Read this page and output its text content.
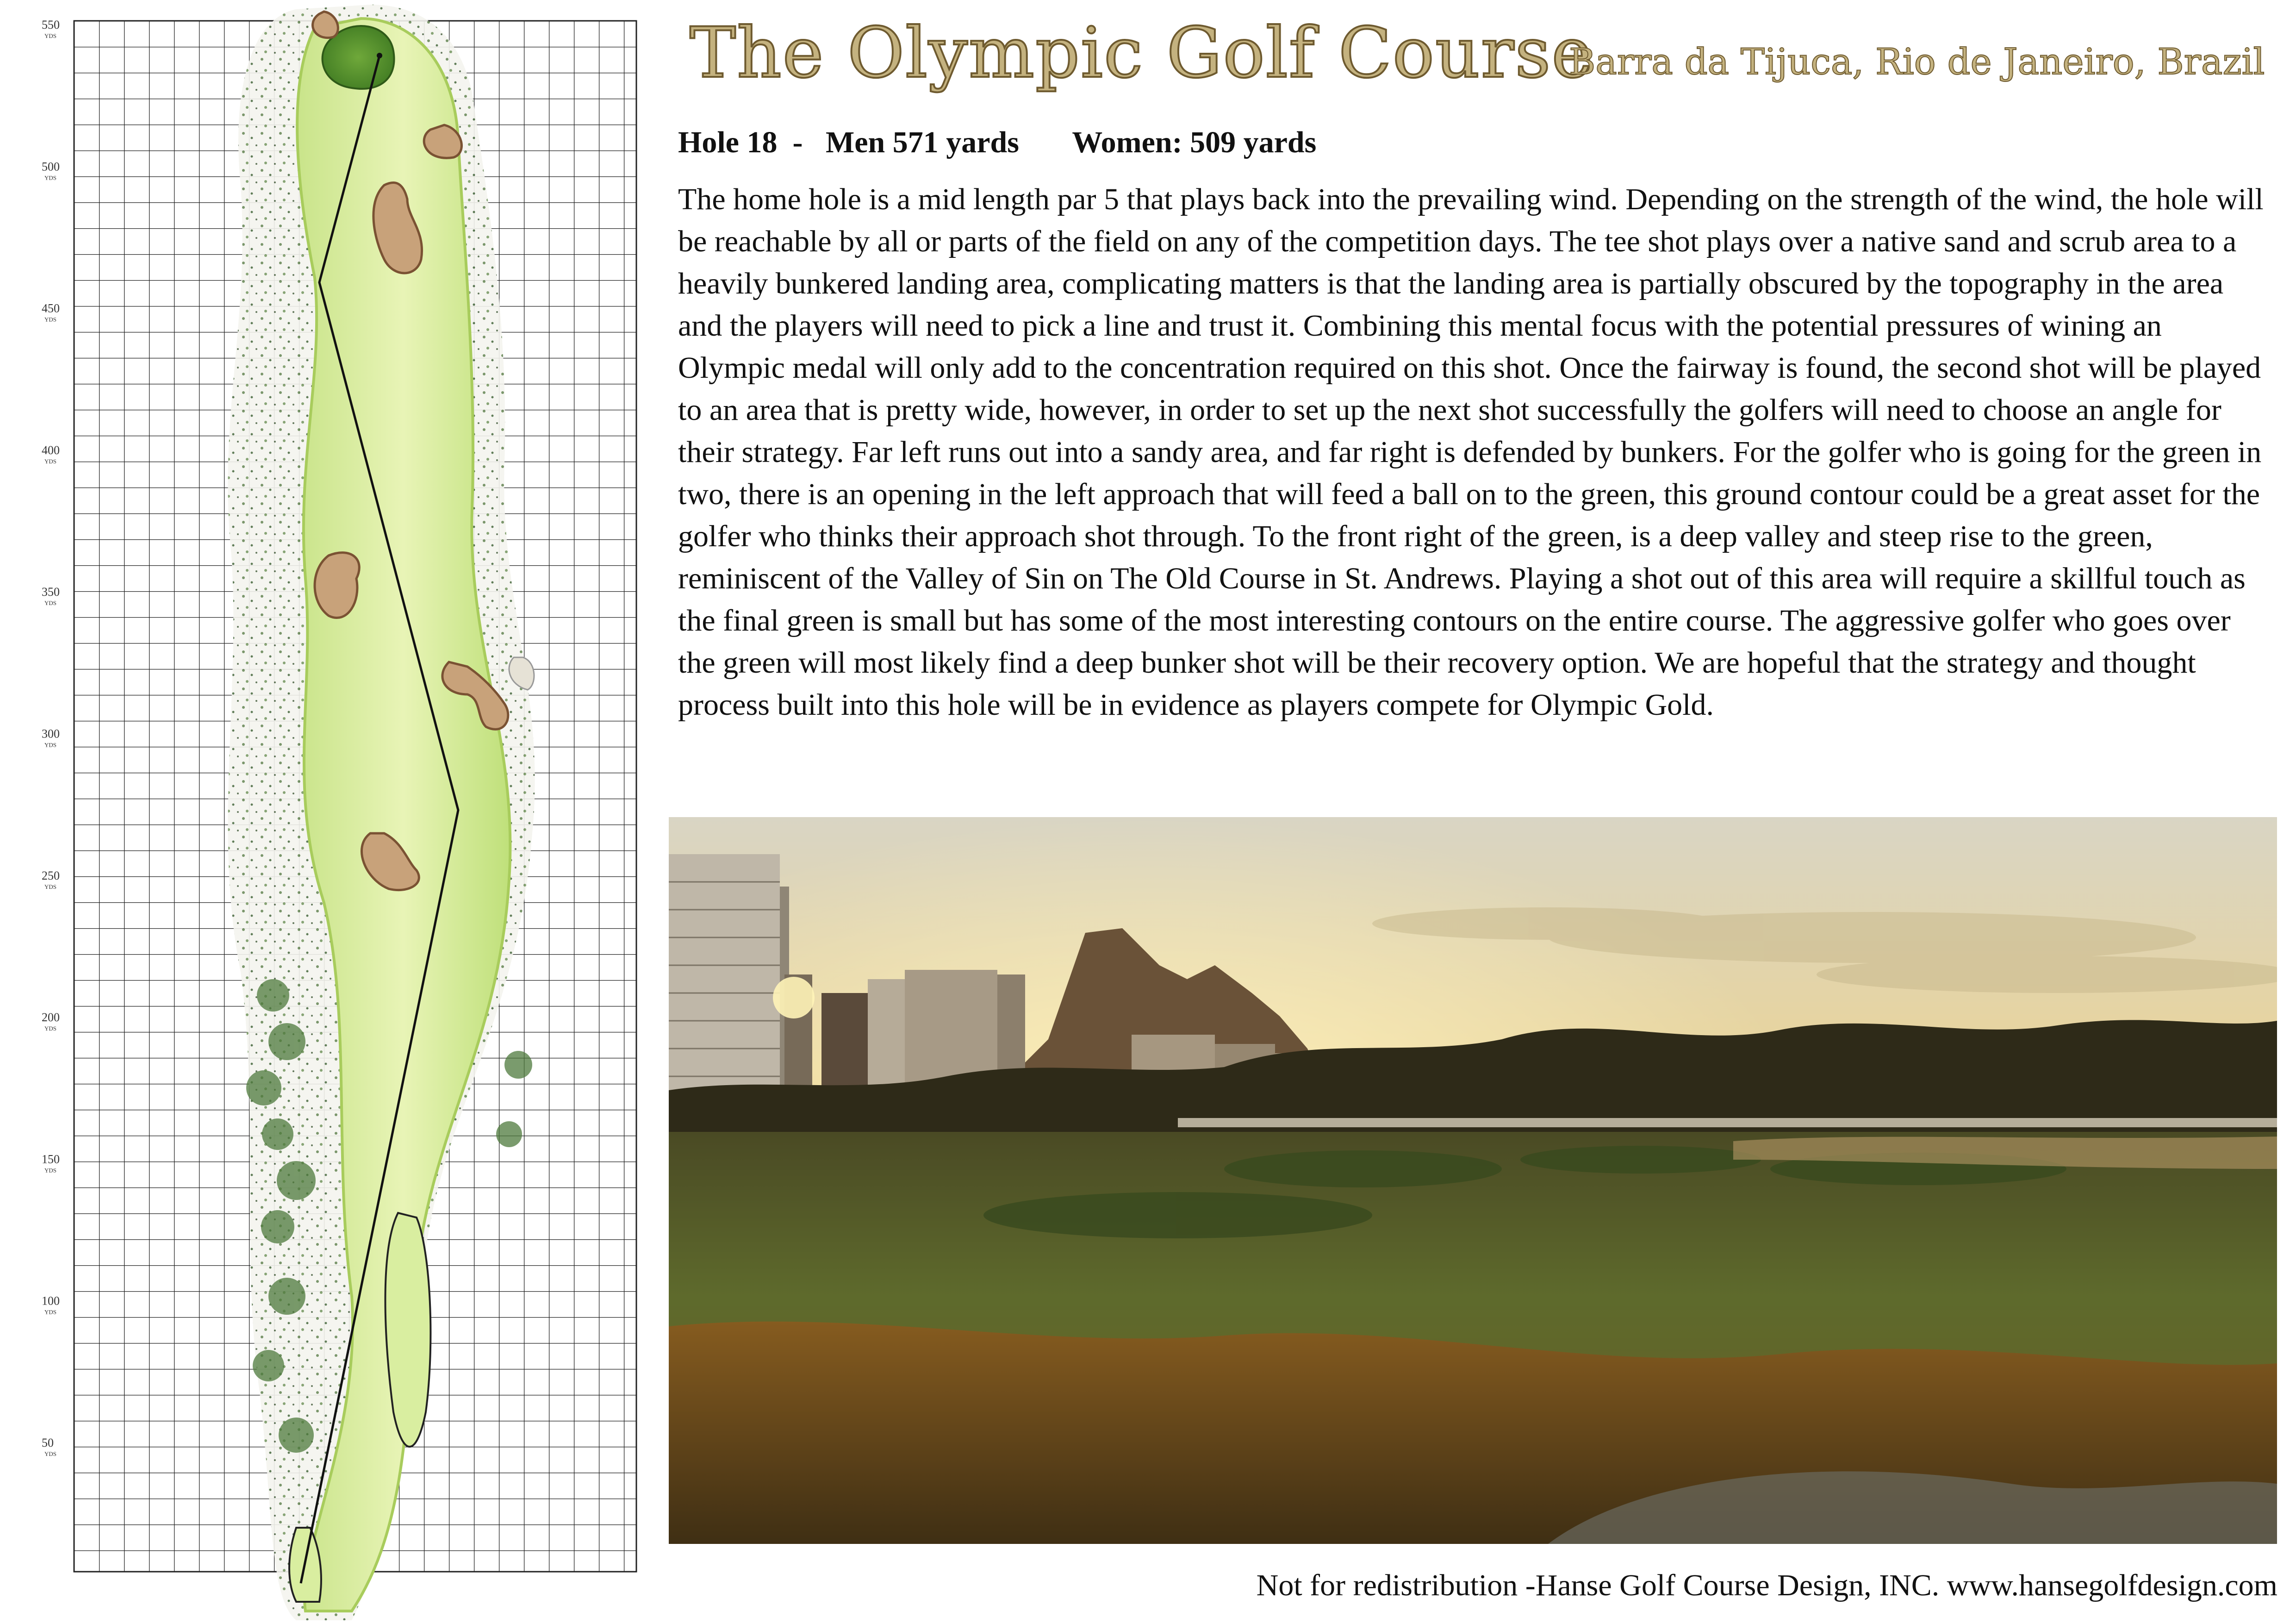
550
YDS
500
YDS
450
YDS
400
YDS
350
YDS
300
YDS
250
YDS
200
YDS
150
YDS
100
YDS
50
YDS
The Olympic Golf Course
Barra da Tijuca, Rio de Janeiro, Brazil
Hole 18 - Men 571 yards Women: 509 yards
The home hole is a mid length par 5 that plays back into the prevailing wind. Depending on the strength of the wind, the hole will be reachable by all or parts of the field on any of the competition days. The tee shot plays over a native sand and scrub area to a heavily bunkered landing area, complicating matters is that the landing area is partially obscured by the topography in the area and the players will need to pick a line and trust it. Combining this mental focus with the potential pressures of wining an Olympic medal will only add to the concentration required on this shot. Once the fairway is found, the second shot will be played to an area that is pretty wide, however, in order to set up the next shot successfully the golfers will need to choose an angle for their strategy. Far left runs out into a sandy area, and far right is defended by bunkers. For the golfer who is going for the green in two, there is an opening in the left approach that will feed a ball on to the green, this ground contour could be a great asset for the golfer who thinks their approach shot through. To the front right of the green, is a deep valley and steep rise to the green, reminiscent of the Valley of Sin on The Old Course in St. Andrews. Playing a shot out of this area will require a skillful touch as the final green is small but has some of the most interesting contours on the entire course. The aggressive golfer who goes over the green will most likely find a deep bunker shot will be their recovery option. We are hopeful that the strategy and thought process built into this hole will be in evidence as players compete for Olympic Gold.
Not for redistribution -Hanse Golf Course Design, INC. www.hansegolfdesign.com
